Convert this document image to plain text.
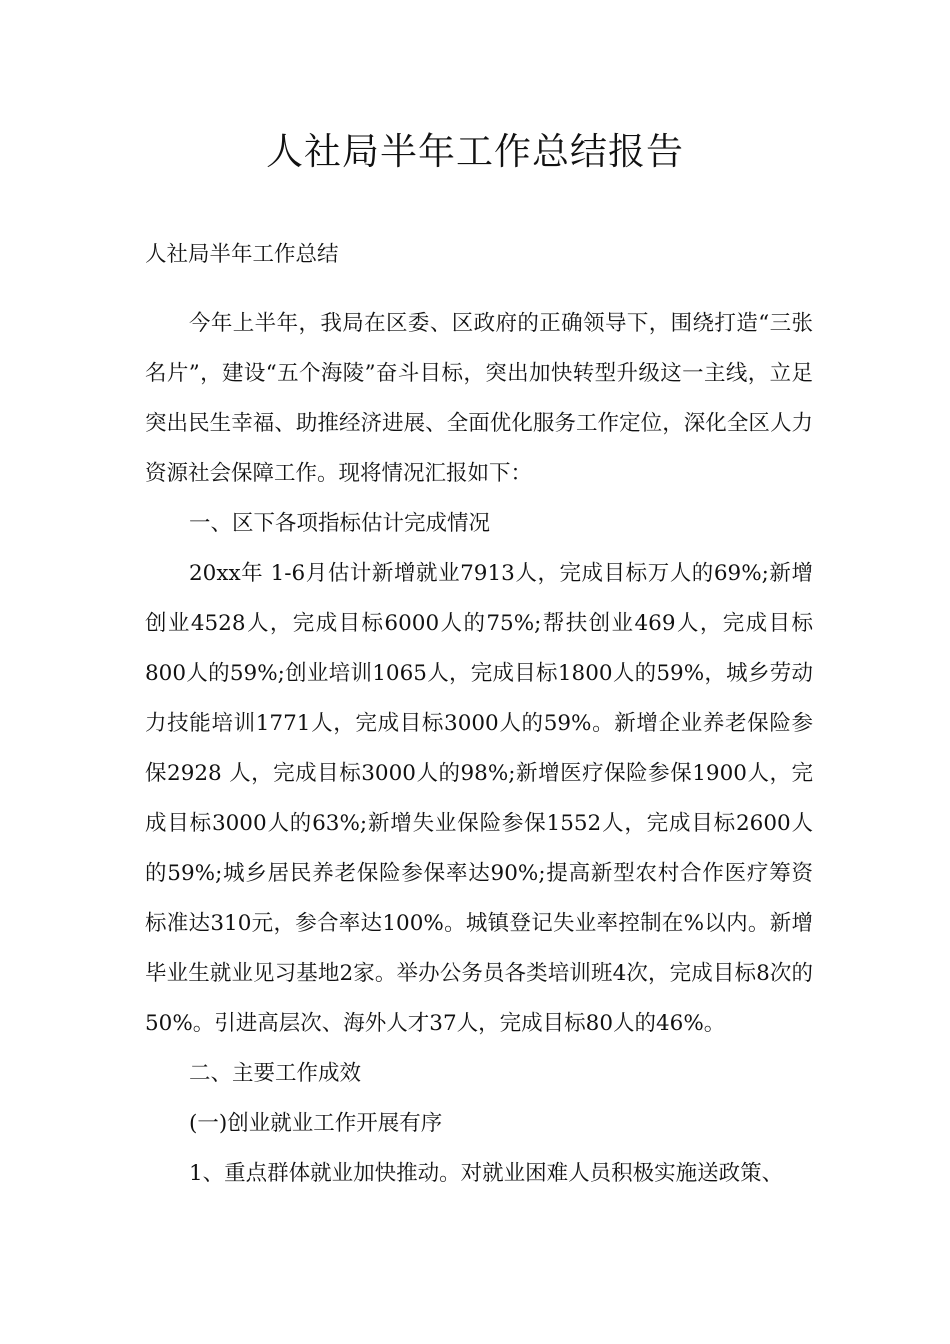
人社局半年工作总结报告

人社局半年工作总结

今年上半年，我局在区委、区政府的正确领导下，围绕打造“三张名片”，建设“五个海陵”奋斗目标，突出加快转型升级这一主线，立足突出民生幸福、助推经济进展、全面优化服务工作定位，深化全区人力资源社会保障工作。现将情况汇报如下：

一、区下各项指标估计完成情况

20xx年 1-6月估计新增就业7913人，完成目标万人的69%;新增创业4528人，完成目标6000人的75%;帮扶创业469人，完成目标800人的59%;创业培训1065人，完成目标1800人的59%，城乡劳动力技能培训1771人，完成目标3000人的59%。新增企业养老保险参保2928 人，完成目标3000人的98%;新增医疗保险参保1900人，完成目标3000人的63%;新增失业保险参保1552人，完成目标2600人的59%;城乡居民养老保险参保率达90%;提高新型农村合作医疗筹资标准达310元，参合率达100%。城镇登记失业率控制在%以内。新增毕业生就业见习基地2家。举办公务员各类培训班4次，完成目标8次的50%。引进高层次、海外人才37人，完成目标80人的46%。

二、主要工作成效

(一)创业就业工作开展有序

1、重点群体就业加快推动。对就业困难人员积极实施送政策、
